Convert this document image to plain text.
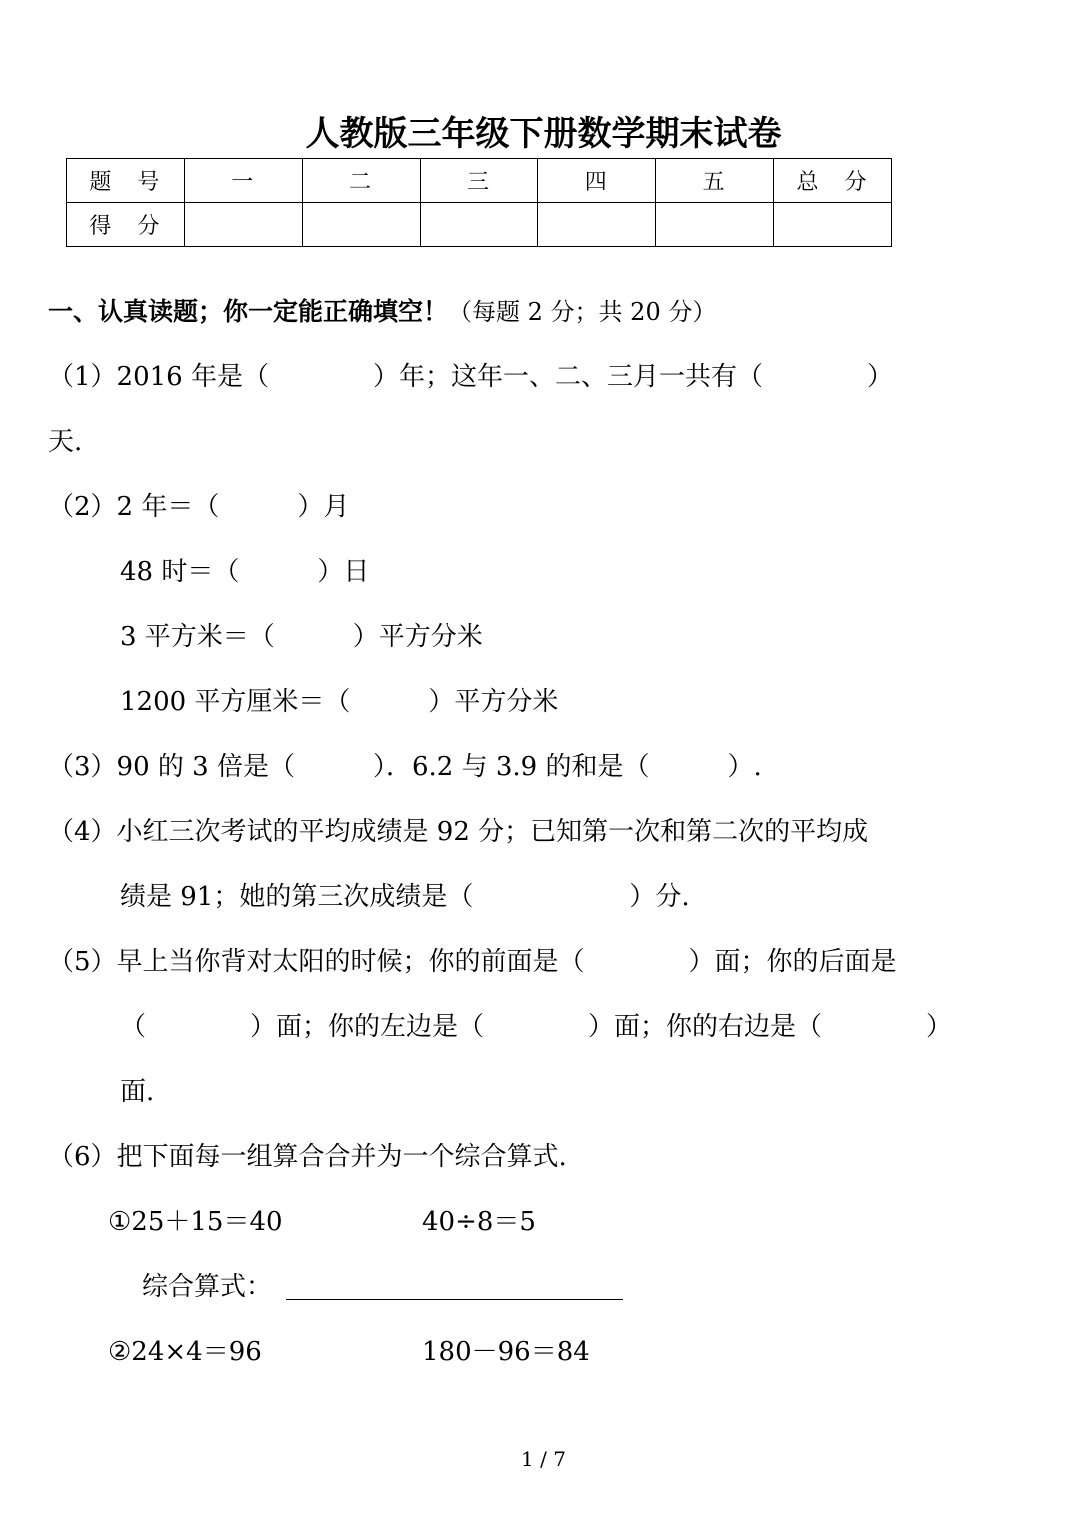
人教版三年级下册数学期末试卷
题　号	一	二	三	四	五	总　分
得　分						
一、认真读题；你一定能正确填空！（每题 2 分；共 20 分）
（1）2016 年是（　　　　）年；这年一、二、三月一共有（　　　　）
天.
（2）2 年＝（　　　）月
48 时＝（　　　）日
3 平方米＝（　　　）平方分米
1200 平方厘米＝（　　　）平方分米
（3）90 的 3 倍是（　　　）．6.2 与 3.9 的和是（　　　）.
（4）小红三次考试的平均成绩是 92 分；已知第一次和第二次的平均成
绩是 91；她的第三次成绩是（　　　　　　）分.
（5）早上当你背对太阳的时候；你的前面是（　　　　）面；你的后面是
（　　　　）面；你的左边是（　　　　）面；你的右边是（　　　　）
面.
（6）把下面每一组算合合并为一个综合算式.
①25＋15＝40	40÷8＝5
综合算式：
②24×4＝96	180－96＝84
1 / 7
